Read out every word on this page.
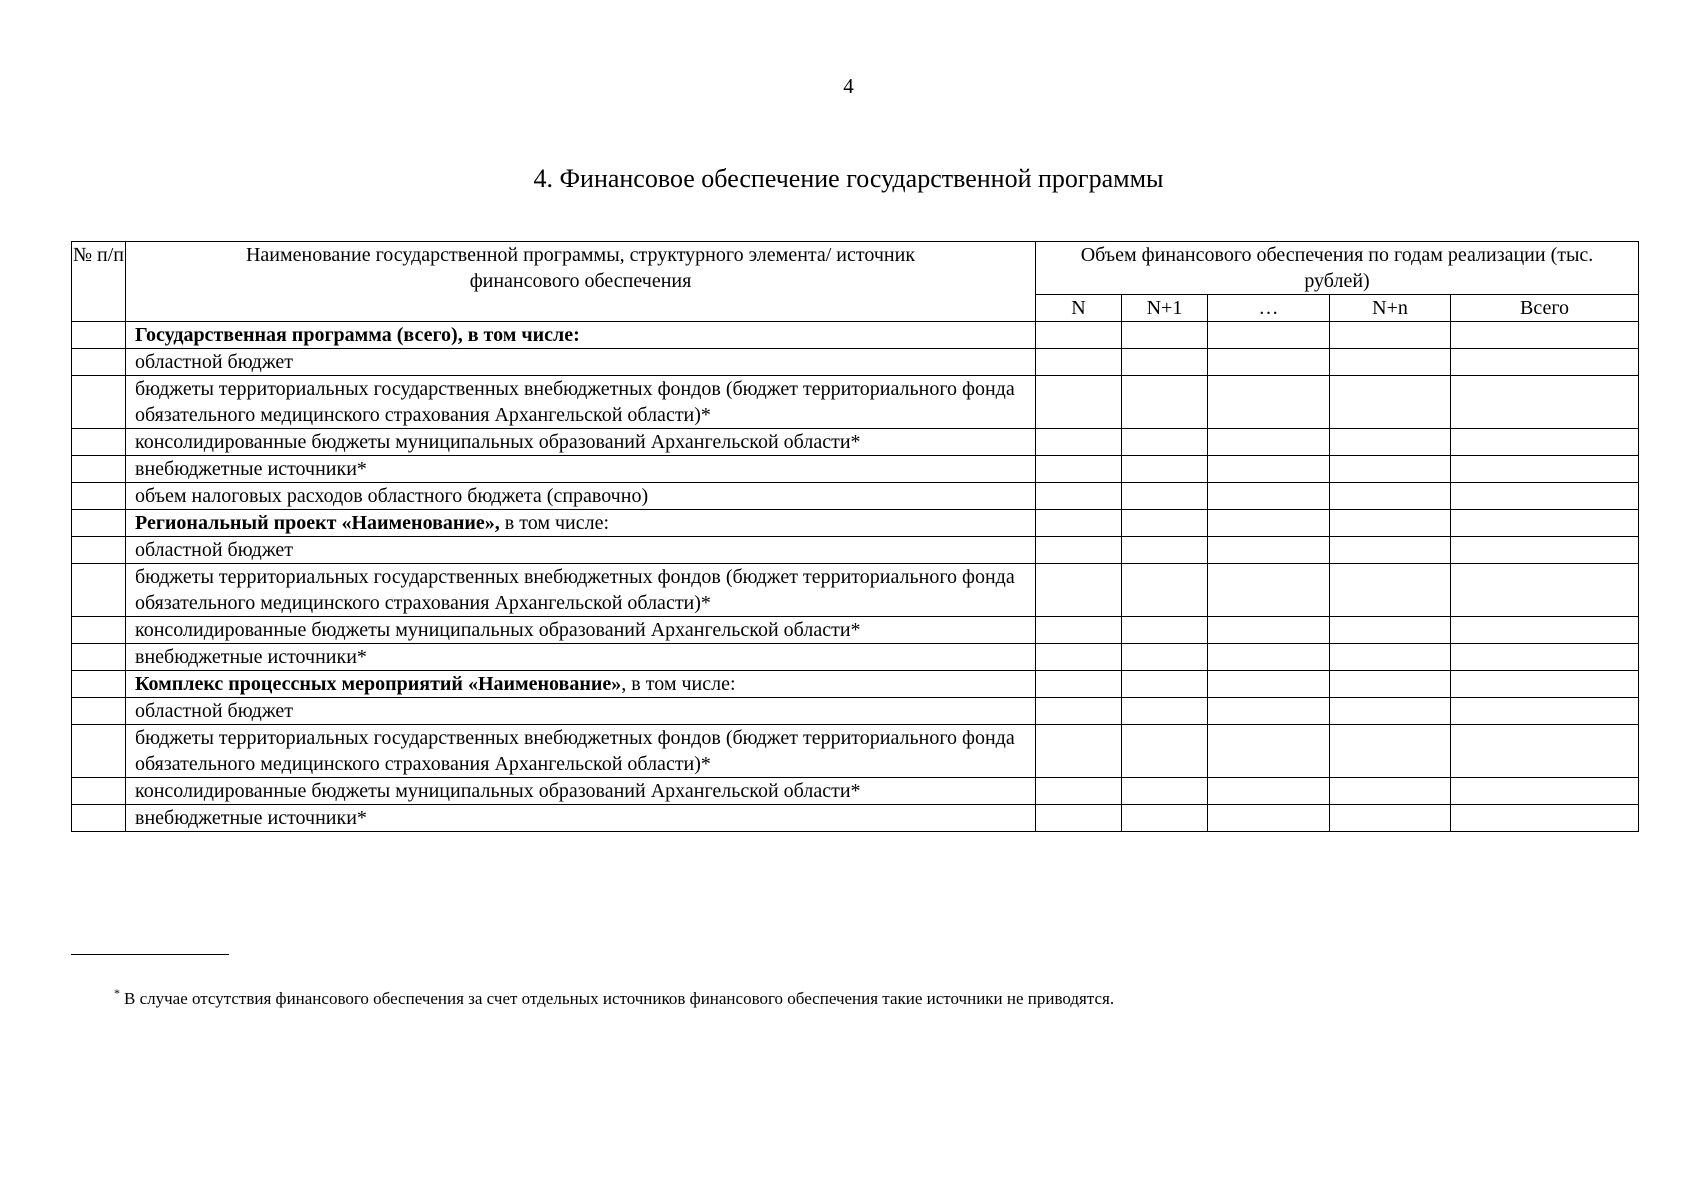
4
4. Финансовое обеспечение государственной программы
№ п/п	Наименование государственной программы, структурного элемента/ источник финансового обеспечения	Объем финансового обеспечения по годам реализации (тыс. рублей)				
		N	N+1	…	N+n	Всего
	Государственная программа (всего), в том числе:					
	областной бюджет					
	бюджеты территориальных государственных внебюджетных фондов (бюджет территориального фонда обязательного медицинского страхования Архангельской области)*					
	консолидированные бюджеты муниципальных образований Архангельской области*					
	внебюджетные источники*					
	объем налоговых расходов областного бюджета (справочно)					
	Региональный проект «Наименование», в том числе:					
	областной бюджет					
	бюджеты территориальных государственных внебюджетных фондов (бюджет территориального фонда обязательного медицинского страхования Архангельской области)*					
	консолидированные бюджеты муниципальных образований Архангельской области*					
	внебюджетные источники*					
	Комплекс процессных мероприятий «Наименование», в том числе:					
	областной бюджет					
	бюджеты территориальных государственных внебюджетных фондов (бюджет территориального фонда обязательного медицинского страхования Архангельской области)*					
	консолидированные бюджеты муниципальных образований Архангельской области*					
	внебюджетные источники*					
* В случае отсутствия финансового обеспечения за счет отдельных источников финансового обеспечения такие источники не приводятся.
